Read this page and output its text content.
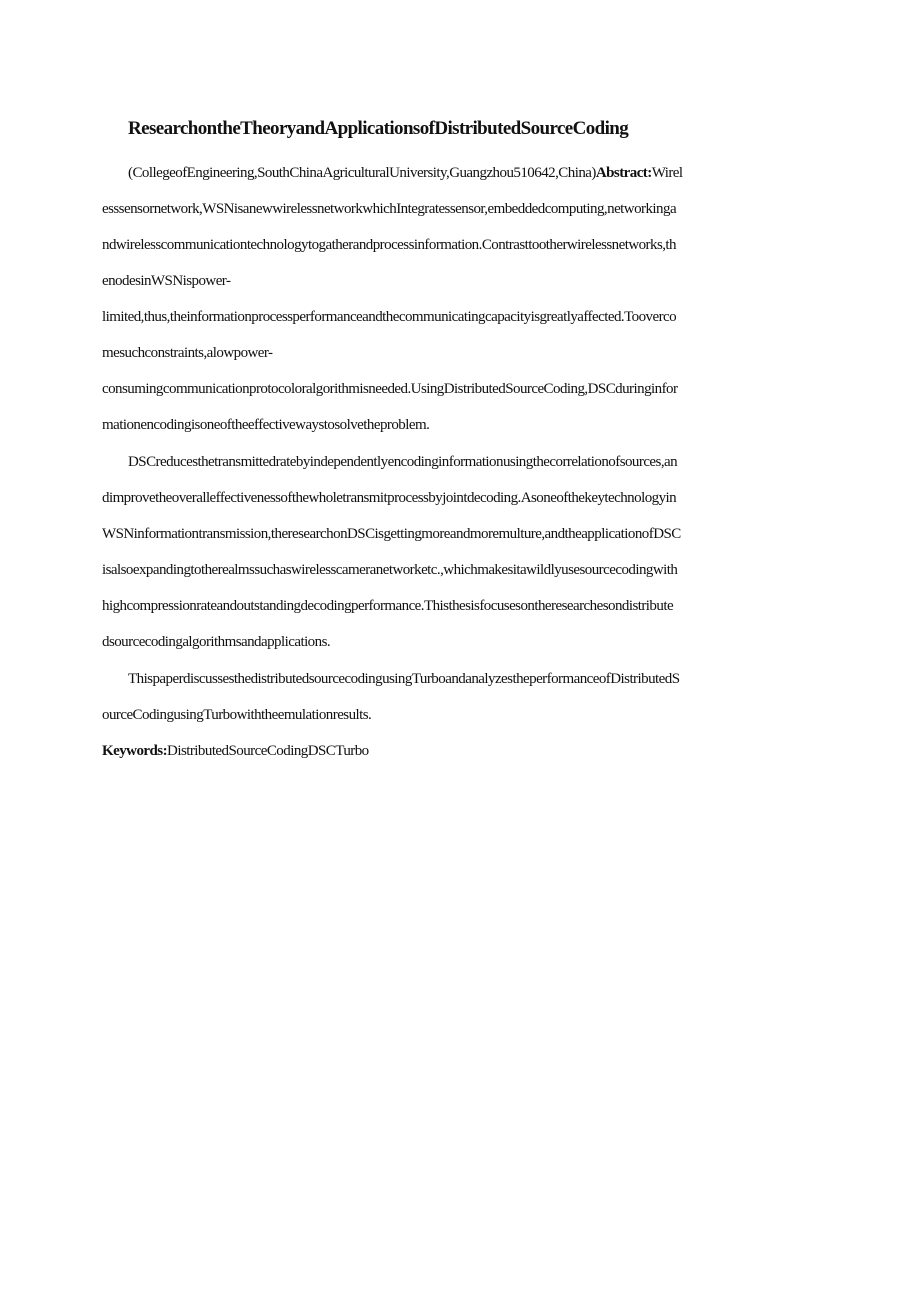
ResearchontheTheoryandApplicationsofDistributedSourceCoding

(CollegeofEngineering,SouthChinaAgriculturalUniversity,Guangzhou510642,China)Abstract:Wirel

esssensornetwork,WSNisanewwirelessnetworkwhichIntegratessensor,embeddedcomputing,networkinga

ndwirelesscommunicationtechnologytogatherandprocessinformation.Contrasttootherwirelessnetworks,th

enodesinWSNispower-

limited,thus,theinformationprocessperformanceandthecommunicatingcapacityisgreatlyaffected.Tooverco

mesuchconstraints,alowpower-

consumingcommunicationprotocoloralgorithmisneeded.UsingDistributedSourceCoding,DSCduringinfor

mationencodingisoneoftheeffectivewaystosolvetheproblem.

DSCreducesthetransmittedratebyindependentlyencodinginformationusingthecorrelationofsources,an

dimprovetheoveralleffectivenessofthewholetransmitprocessbyjointdecoding.Asoneofthekeytechnologyin

WSNinformationtransmission,theresearchonDSCisgettingmoreandmoremulture,andtheapplicationofDSC

isalsoexpandingtotherealmssuchaswirelesscameranetworketc.,whichmakesitawildlyusesourcecodingwith

highcompressionrateandoutstandingdecodingperformance.Thisthesisfocusesontheresearchesondistribute

dsourcecodingalgorithmsandapplications.

ThispaperdiscussesthedistributedsourcecodingusingTurboandanalyzestheperformanceofDistributedS

ourceCodingusingTurbowiththeemulationresults.

Keywords:DistributedSourceCodingDSCTurbo
